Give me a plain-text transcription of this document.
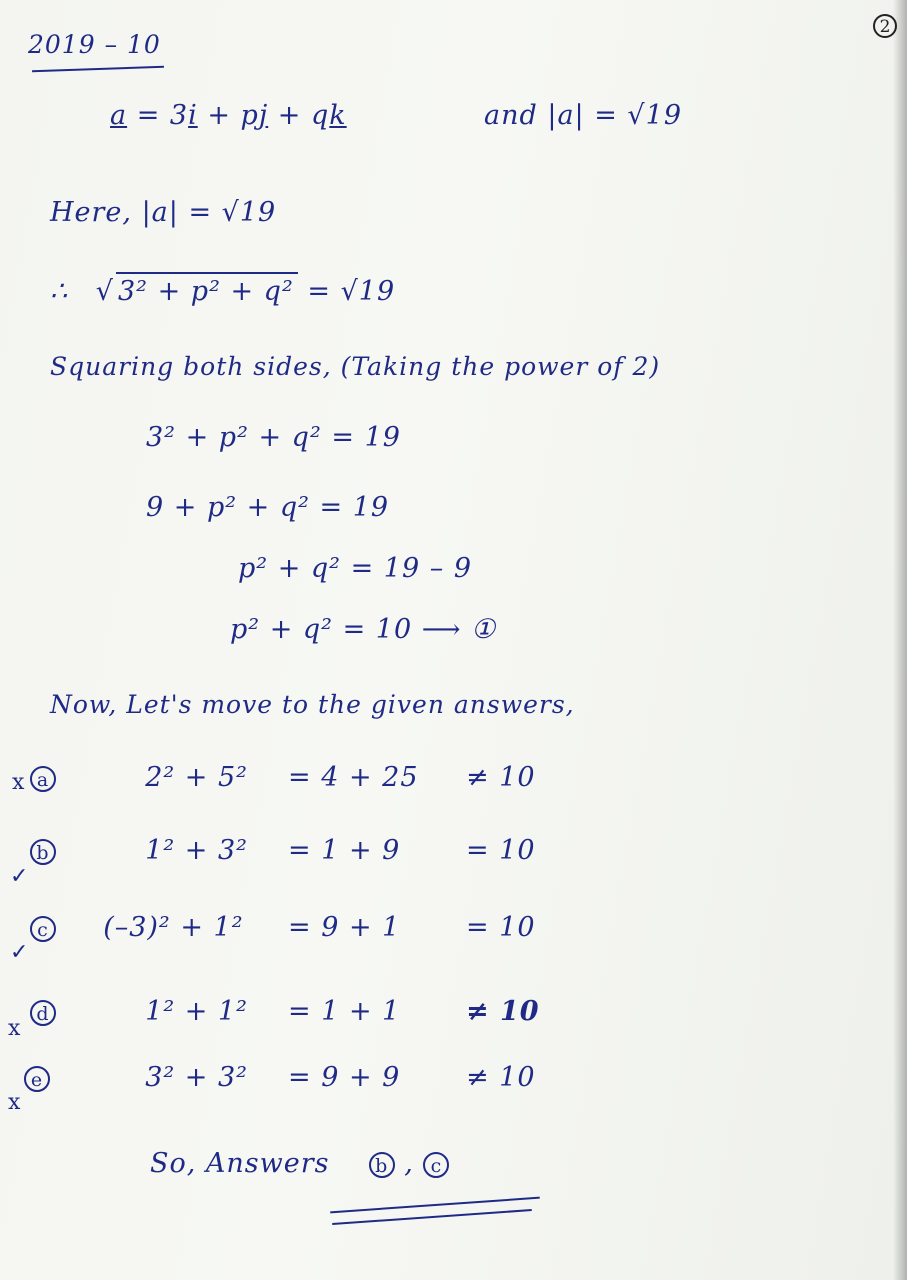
2
2019 – 10
a = 3i + pj + qk	and |a| = √19
Here, |a| = √19
∴ √ 3² + p² + q² = √19
Squaring both sides, (Taking the power of 2)
3² + p² + q² = 19
9 + p² + q² = 19
p² + q² = 19 – 9
p² + q² = 10 ⟶ ①
Now, Let's move to the given answers,
x a	2² + 5² = 4 + 25 ≠ 10
✓
b	1² + 3² = 1 + 9 = 10
✓
c (–3)² + 1² = 9 + 1 = 10
x
d	1² + 1² = 1 + 1 ≠ 10
x
e	3² + 3² = 9 + 9 ≠ 10
So, Answers b , c
